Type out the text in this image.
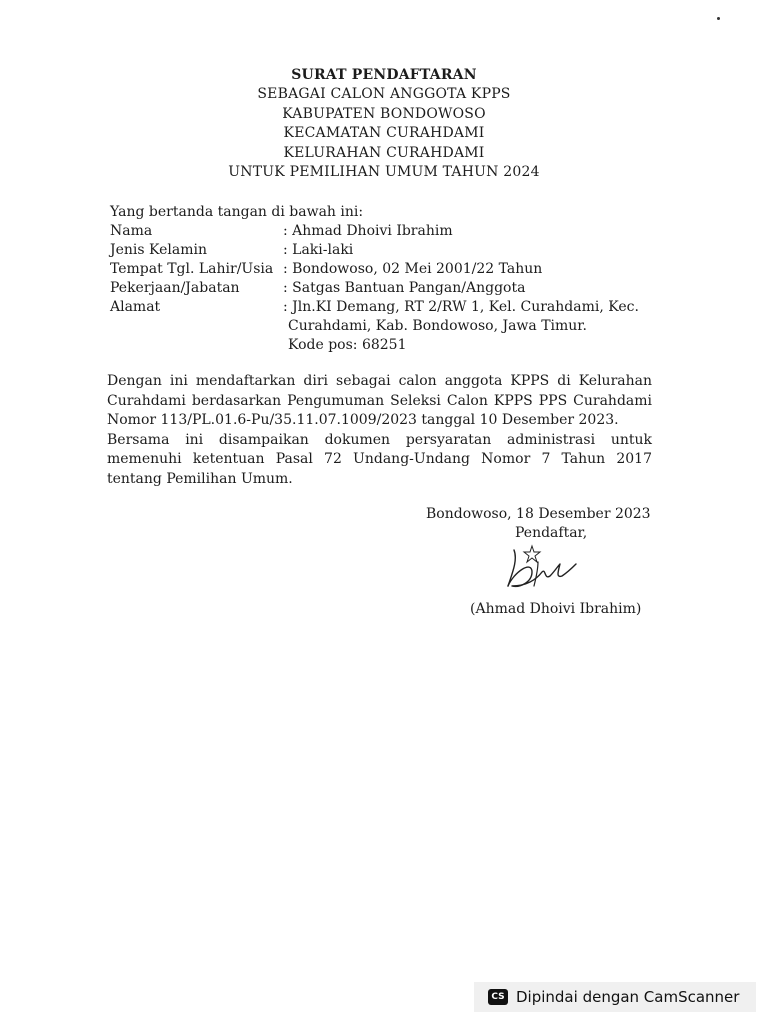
SURAT PENDAFTARAN
SEBAGAI CALON ANGGOTA KPPS
KABUPATEN BONDOWOSO
KECAMATAN CURAHDAMI
KELURAHAN CURAHDAMI
UNTUK PEMILIHAN UMUM TAHUN 2024
Yang bertanda tangan di bawah ini:
Nama	: Ahmad Dhoivi Ibrahim
Jenis Kelamin	: Laki-laki
Tempat Tgl. Lahir/Usia : Bondowoso, 02 Mei 2001/22 Tahun
Pekerjaan/Jabatan	: Satgas Bantuan Pangan/Anggota
Alamat	: Jln.KI Demang, RT 2/RW 1, Kel. Curahdami, Kec.
Curahdami, Kab. Bondowoso, Jawa Timur.
Kode pos: 68251

Dengan ini mendaftarkan diri sebagai calon anggota KPPS di Kelurahan Curahdami berdasarkan Pengumuman Seleksi Calon KPPS PPS Curahdami Nomor 113/PL.01.6-Pu/35.11.07.1009/2023 tanggal 10 Desember 2023.

Bersama ini disampaikan dokumen persyaratan administrasi untuk memenuhi ketentuan Pasal 72 Undang-Undang Nomor 7 Tahun 2017 tentang Pemilihan Umum.

Bondowoso, 18 Desember 2023
Pendaftar,
(Ahmad Dhoivi Ibrahim)
CS Dipindai dengan CamScanner
